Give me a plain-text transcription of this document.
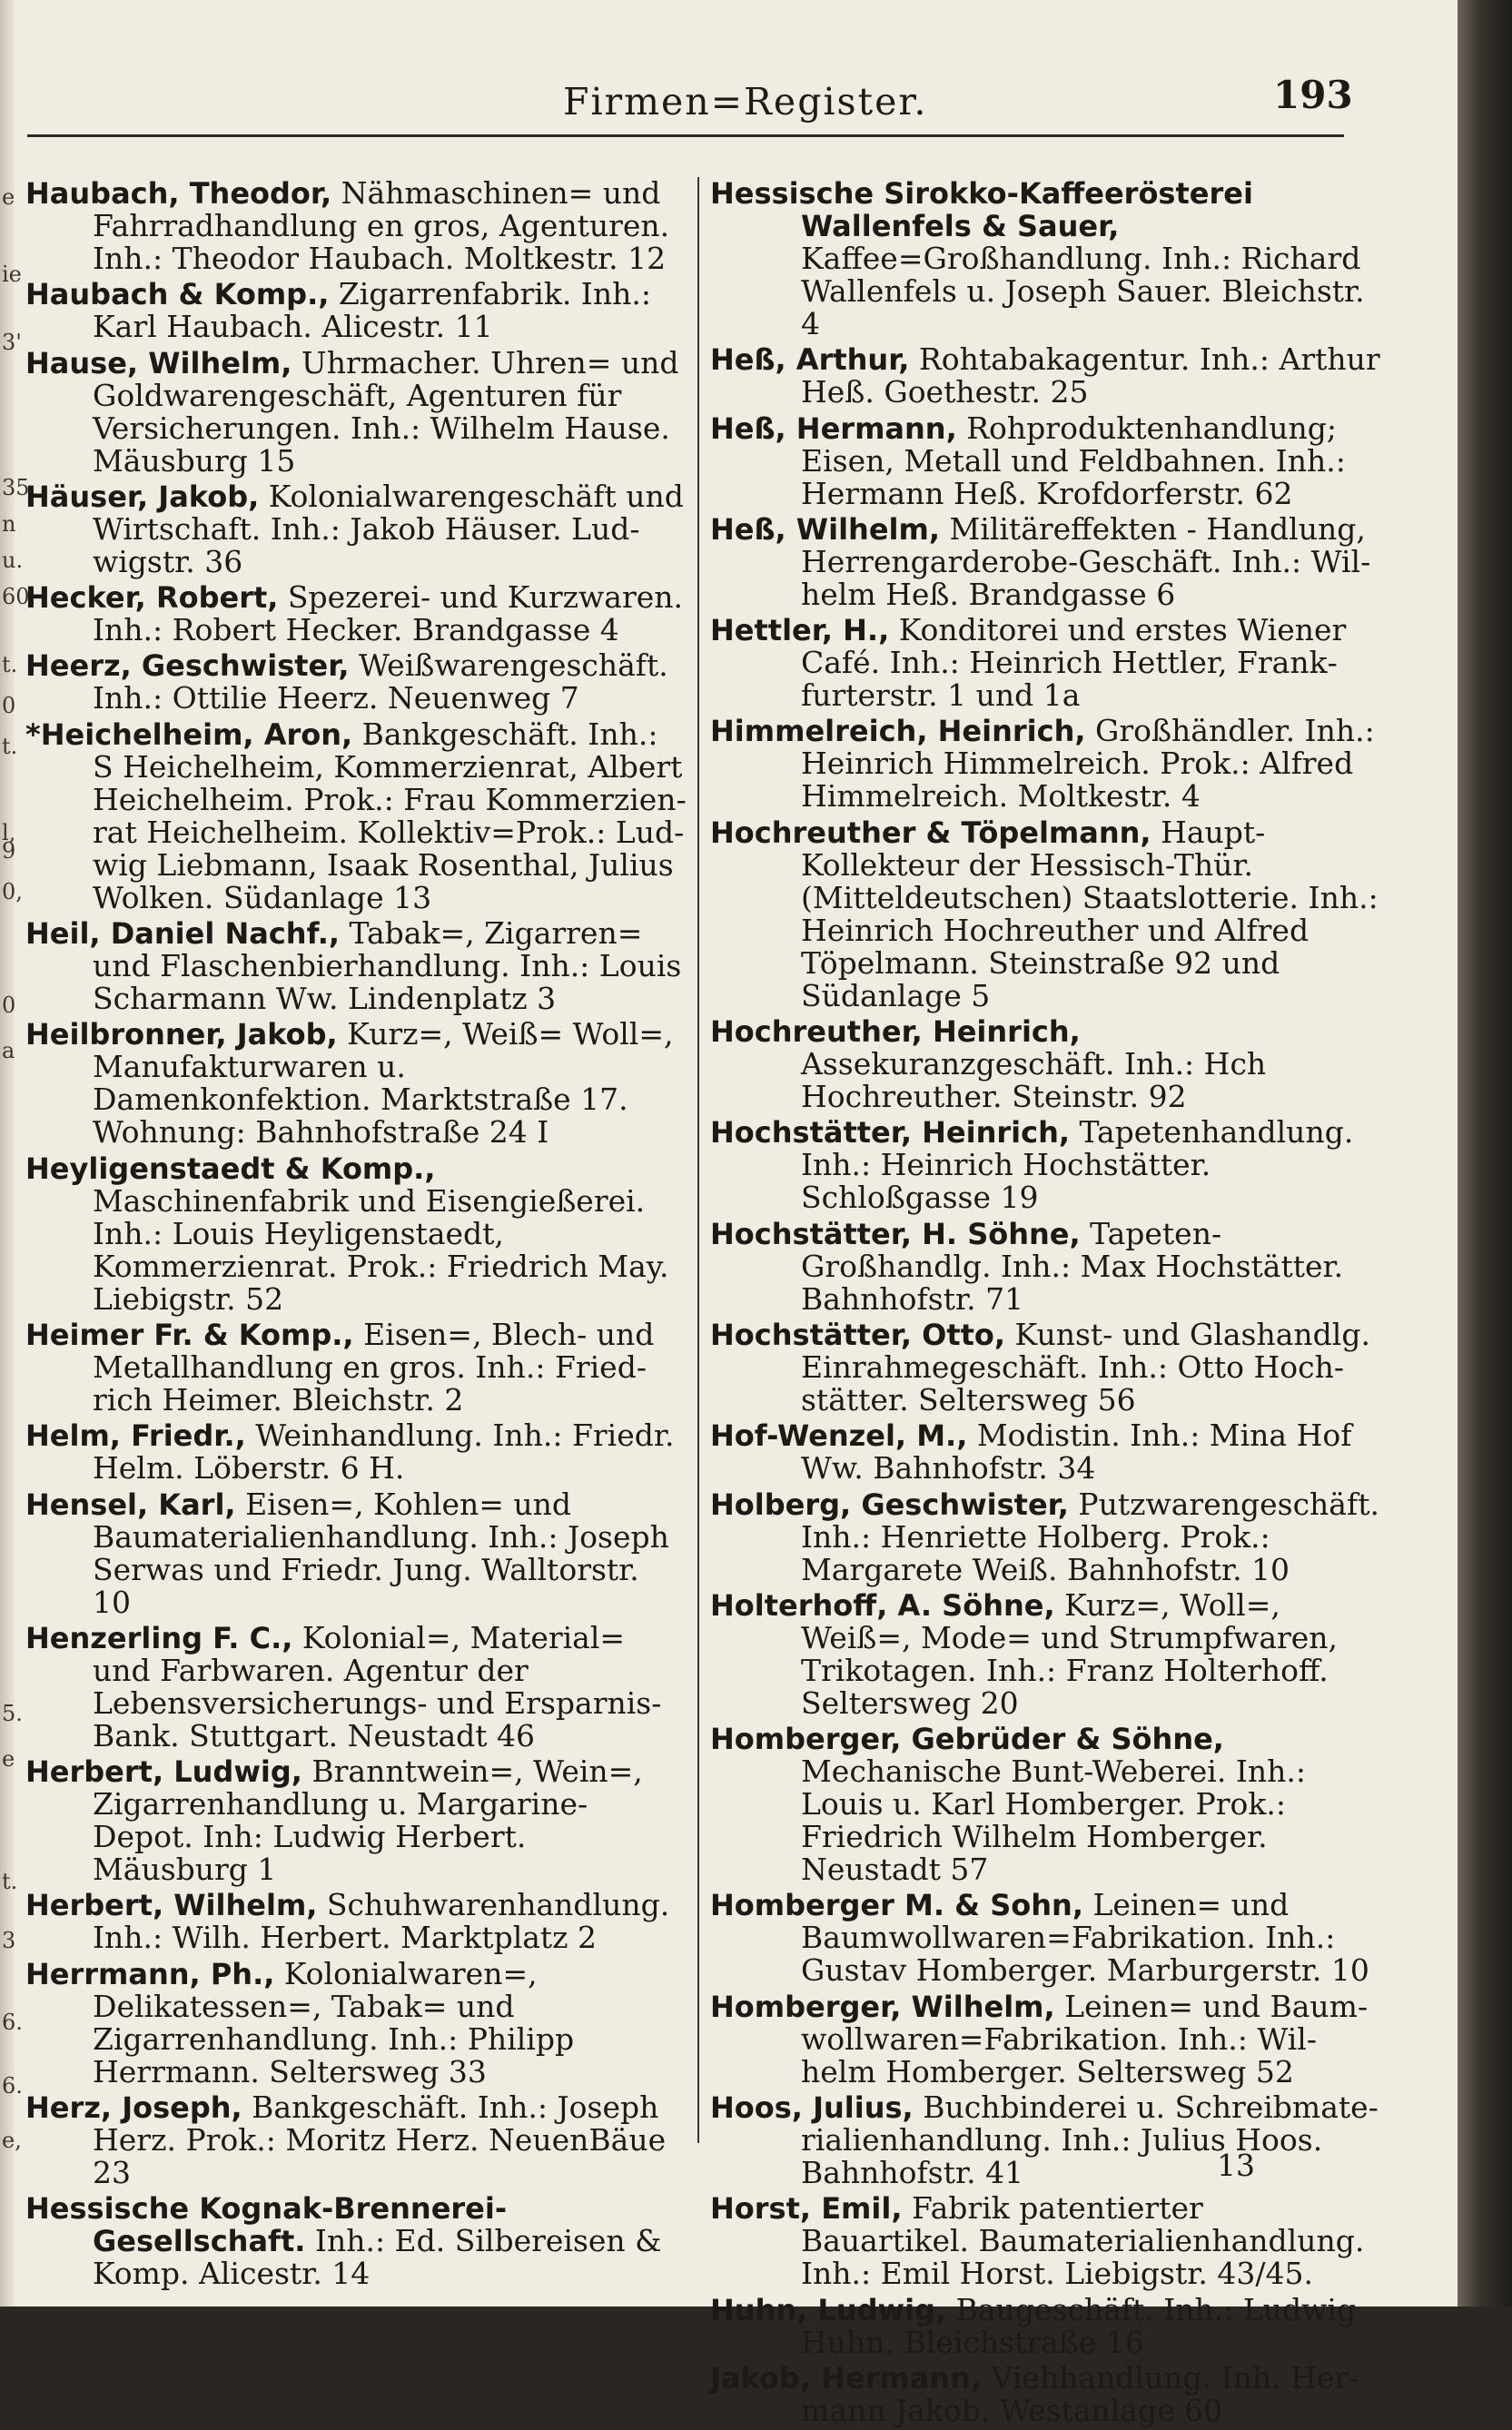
e
ie
3'
35
n
u.
60
t.
0
t.
l,
9
0,
0
a
5.
e
t.
3
6.
6.
e,
Firmen=Register.	193
Haubach, Theodor, Nähmaschinen= und Fahrradhandlung en gros, Agenturen. Inh.: Theodor Haubach. Moltkestr. 12
Haubach & Komp., Zigarrenfabrik. Inh.: Karl Haubach. Alicestr. 11
Hause, Wilhelm, Uhrmacher. Uhren= und Goldwarengeschäft, Agenturen für Versicherungen. Inh.: Wilhelm Hause. Mäusburg 15
Häuser, Jakob, Kolonialwarengeschäft und Wirtschaft. Inh.: Jakob Häuser. Ludwigstr. 36
Hecker, Robert, Spezerei- und Kurzwaren. Inh.: Robert Hecker. Brandgasse 4
Heerz, Geschwister, Weißwarengeschäft. Inh.: Ottilie Heerz. Neuenweg 7
*Heichelheim, Aron, Bankgeschäft. Inh.: S Heichelheim, Kommerzienrat, Albert Heichelheim. Prok.: Frau Kommerzienrat Heichelheim. Kollektiv=Prok.: Ludwig Liebmann, Isaak Rosenthal, Julius Wolken. Südanlage 13
Heil, Daniel Nachf., Tabak=, Zigarren= und Flaschenbierhandlung. Inh.: Louis Scharmann Ww. Lindenplatz 3
Heilbronner, Jakob, Kurz=, Weiß= Woll=, Manufakturwaren u. Damenkonfektion. Marktstraße 17. Wohnung: Bahnhofstraße 24 I
Heyligenstaedt & Komp., Maschinenfabrik und Eisengießerei. Inh.: Louis Heyligenstaedt, Kommerzienrat. Prok.: Friedrich May. Liebigstr. 52
Heimer Fr. & Komp., Eisen=, Blech- und Metallhandlung en gros. Inh.: Friedrich Heimer. Bleichstr. 2
Helm, Friedr., Weinhandlung. Inh.: Friedr. Helm. Löberstr. 6 H.
Hensel, Karl, Eisen=, Kohlen= und Baumaterialienhandlung. Inh.: Joseph Serwas und Friedr. Jung. Walltorstr. 10
Henzerling F. C., Kolonial=, Material= und Farbwaren. Agentur der Lebensversicherungs- und Ersparnis-Bank. Stuttgart. Neustadt 46
Herbert, Ludwig, Branntwein=, Wein=, Zigarrenhandlung u. Margarine-Depot. Inh: Ludwig Herbert. Mäusburg 1
Herbert, Wilhelm, Schuhwarenhandlung. Inh.: Wilh. Herbert. Marktplatz 2
Herrmann, Ph., Kolonialwaren=, Delikatessen=, Tabak= und Zigarrenhandlung. Inh.: Philipp Herrmann. Seltersweg 33
Herz, Joseph, Bankgeschäft. Inh.: Joseph Herz. Prok.: Moritz Herz. NeuenBäue 23
Hessische Kognak-Brennerei-Gesellschaft. Inh.: Ed. Silbereisen & Komp. Alicestr. 14
Hessische Sirokko-Kaffeerösterei Wallenfels & Sauer, Kaffee=Großhandlung. Inh.: Richard Wallenfels u. Joseph Sauer. Bleichstr. 4
Heß, Arthur, Rohtabakagentur. Inh.: Arthur Heß. Goethestr. 25
Heß, Hermann, Rohproduktenhandlung; Eisen, Metall und Feldbahnen. Inh.: Hermann Heß. Krofdorferstr. 62
Heß, Wilhelm, Militäreffekten - Handlung, Herrengarderobe-Geschäft. Inh.: Wilhelm Heß. Brandgasse 6
Hettler, H., Konditorei und erstes Wiener Café. Inh.: Heinrich Hettler, Frankfurterstr. 1 und 1a
Himmelreich, Heinrich, Großhändler. Inh.: Heinrich Himmelreich. Prok.: Alfred Himmelreich. Moltkestr. 4
Hochreuther & Töpelmann, Haupt-Kollekteur der Hessisch-Thür. (Mitteldeutschen) Staatslotterie. Inh.: Heinrich Hochreuther und Alfred Töpelmann. Steinstraße 92 und Südanlage 5
Hochreuther, Heinrich, Assekuranzgeschäft. Inh.: Hch Hochreuther. Steinstr. 92
Hochstätter, Heinrich, Tapetenhandlung. Inh.: Heinrich Hochstätter. Schloßgasse 19
Hochstätter, H. Söhne, Tapeten-Großhandlg. Inh.: Max Hochstätter. Bahnhofstr. 71
Hochstätter, Otto, Kunst- und Glashandlg. Einrahmegeschäft. Inh.: Otto Hochstätter. Seltersweg 56
Hof-Wenzel, M., Modistin. Inh.: Mina Hof Ww. Bahnhofstr. 34
Holberg, Geschwister, Putzwarengeschäft. Inh.: Henriette Holberg. Prok.: Margarete Weiß. Bahnhofstr. 10
Holterhoff, A. Söhne, Kurz=, Woll=, Weiß=, Mode= und Strumpfwaren, Trikotagen. Inh.: Franz Holterhoff. Seltersweg 20
Homberger, Gebrüder & Söhne, Mechanische Bunt-Weberei. Inh.: Louis u. Karl Homberger. Prok.: Friedrich Wilhelm Homberger. Neustadt 57
Homberger M. & Sohn, Leinen= und Baumwollwaren=Fabrikation. Inh.: Gustav Homberger. Marburgerstr. 10
Homberger, Wilhelm, Leinen= und Baumwollwaren=Fabrikation. Inh.: Wilhelm Homberger. Seltersweg 52
Hoos, Julius, Buchbinderei u. Schreibmaterialienhandlung. Inh.: Julius Hoos. Bahnhofstr. 41
Horst, Emil, Fabrik patentierter Bauartikel. Baumaterialienhandlung. Inh.: Emil Horst. Liebigstr. 43/45.
Huhn, Ludwig, Baugeschäft. Inh.: Ludwig Huhn. Bleichstraße 16
Jakob, Hermann, Viehhandlung. Inh. Hermann Jakob. Westanlage 60
13
